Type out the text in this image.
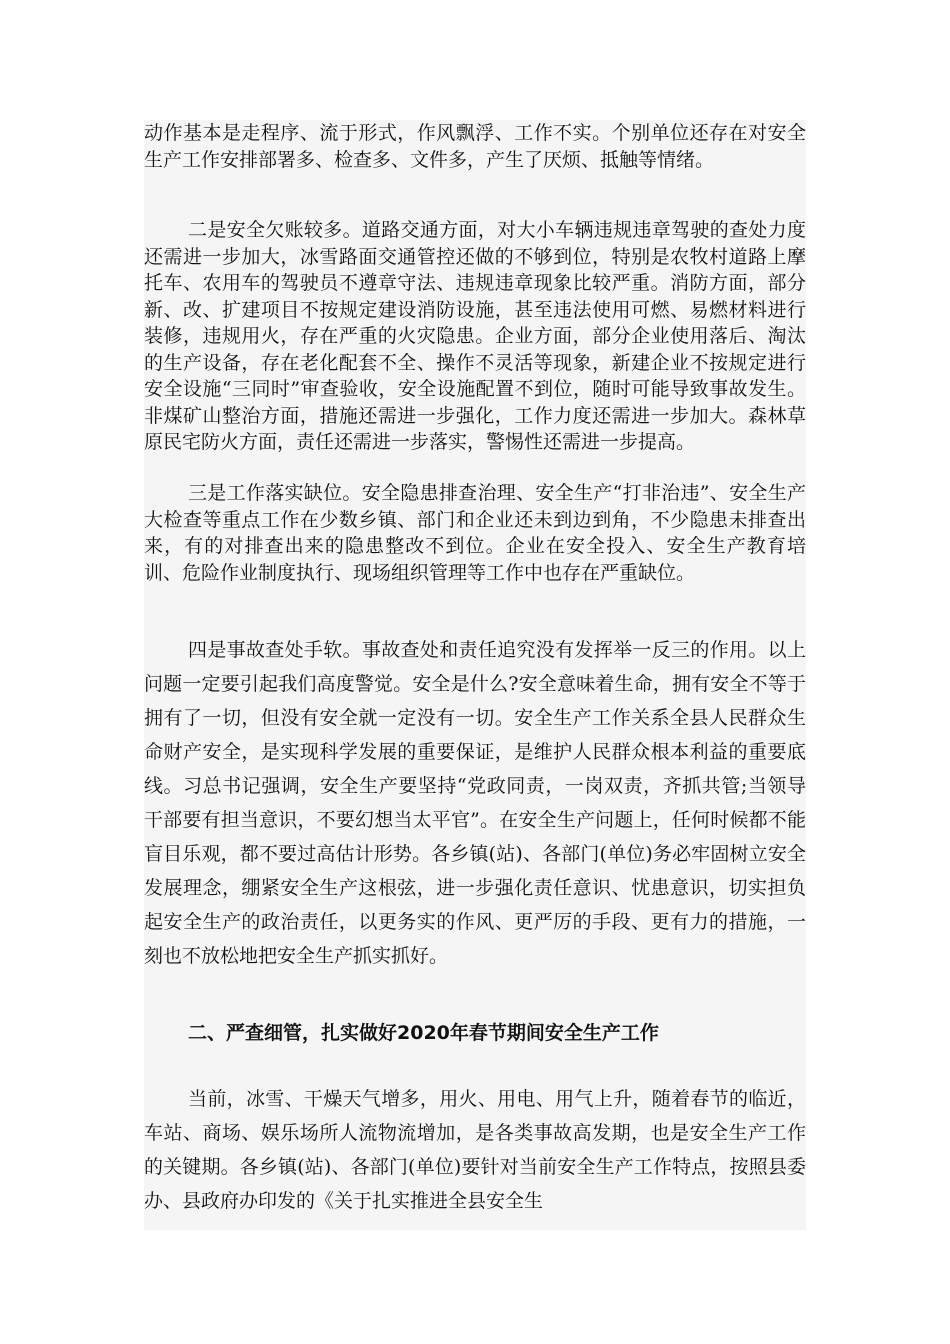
动作基本是走程序、流于形式，作风飘浮、工作不实。个别单位还存在对安全生产工作安排部署多、检查多、文件多，产生了厌烦、抵触等情绪。

二是安全欠账较多。道路交通方面，对大小车辆违规违章驾驶的查处力度还需进一步加大，冰雪路面交通管控还做的不够到位，特别是农牧村道路上摩托车、农用车的驾驶员不遵章守法、违规违章现象比较严重。消防方面，部分新、改、扩建项目不按规定建设消防设施，甚至违法使用可燃、易燃材料进行装修，违规用火，存在严重的火灾隐患。企业方面，部分企业使用落后、淘汰的生产设备，存在老化配套不全、操作不灵活等现象，新建企业不按规定进行安全设施“三同时”审查验收，安全设施配置不到位，随时可能导致事故发生。非煤矿山整治方面，措施还需进一步强化，工作力度还需进一步加大。森林草原民宅防火方面，责任还需进一步落实，警惕性还需进一步提高。

三是工作落实缺位。安全隐患排查治理、安全生产“打非治违”、安全生产大检查等重点工作在少数乡镇、部门和企业还未到边到角，不少隐患未排查出来，有的对排查出来的隐患整改不到位。企业在安全投入、安全生产教育培训、危险作业制度执行、现场组织管理等工作中也存在严重缺位。

四是事故查处手软。事故查处和责任追究没有发挥举一反三的作用。以上问题一定要引起我们高度警觉。安全是什么?安全意味着生命，拥有安全不等于拥有了一切，但没有安全就一定没有一切。安全生产工作关系全县人民群众生命财产安全，是实现科学发展的重要保证，是维护人民群众根本利益的重要底线。习总书记强调，安全生产要坚持“党政同责，一岗双责，齐抓共管;当领导干部要有担当意识，不要幻想当太平官”。在安全生产问题上，任何时候都不能盲目乐观，都不要过高估计形势。各乡镇(站)、各部门(单位)务必牢固树立安全发展理念，绷紧安全生产这根弦，进一步强化责任意识、忧患意识，切实担负起安全生产的政治责任，以更务实的作风、更严厉的手段、更有力的措施，一刻也不放松地把安全生产抓实抓好。

二、严查细管，扎实做好2020年春节期间安全生产工作

当前，冰雪、干燥天气增多，用火、用电、用气上升，随着春节的临近，车站、商场、娱乐场所人流物流增加，是各类事故高发期，也是安全生产工作的关键期。各乡镇(站)、各部门(单位)要针对当前安全生产工作特点，按照县委办、县政府办印发的《关于扎实推进全县安全生
